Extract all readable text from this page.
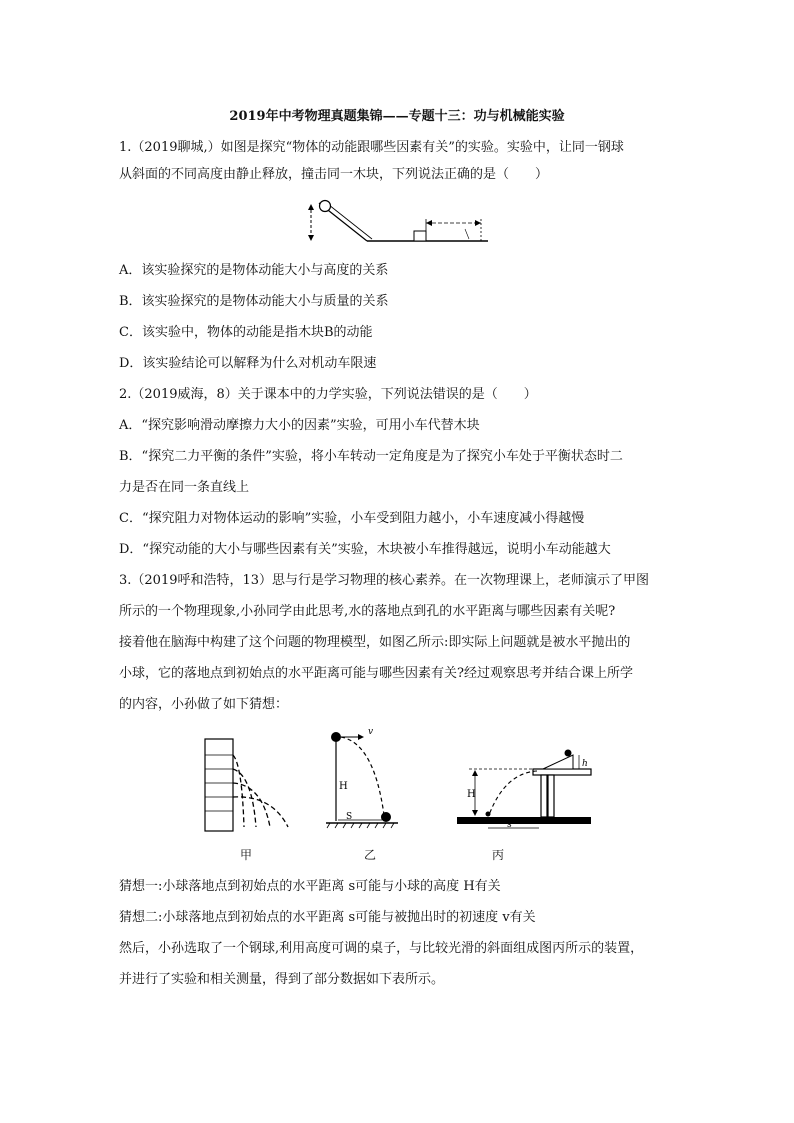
2019年中考物理真题集锦——专题十三：功与机械能实验
1.（2019聊城,）如图是探究“物体的动能跟哪些因素有关”的实验。实验中，让同一钢球
从斜面的不同高度由静止释放，撞击同一木块，下列说法正确的是（　　）
A．该实验探究的是物体动能大小与高度的关系
B．该实验探究的是物体动能大小与质量的关系
C．该实验中，物体的动能是指木块B的动能
D．该实验结论可以解释为什么对机动车限速
2.（2019威海，8）关于课本中的力学实验，下列说法错误的是（　　）
A．“探究影响滑动摩擦力大小的因素”实验，可用小车代替木块
B．“探究二力平衡的条件”实验，将小车转动一定角度是为了探究小车处于平衡状态时二
力是否在同一条直线上
C．“探究阻力对物体运动的影响”实验，小车受到阻力越小，小车速度减小得越慢
D．“探究动能的大小与哪些因素有关”实验，木块被小车推得越远，说明小车动能越大
3.（2019呼和浩特，13）思与行是学习物理的核心素养。在一次物理课上，老师演示了甲图
所示的一个物理现象,小孙同学由此思考,水的落地点到孔的水平距离与哪些因素有关呢?
接着他在脑海中构建了这个问题的物理模型，如图乙所示:即实际上问题就是被水平抛出的
小球，它的落地点到初始点的水平距离可能与哪些因素有关?经过观察思考并结合课上所学
的内容，小孙做了如下猜想：
甲
v
H
S
乙
h
H
s
丙
猜想一:小球落地点到初始点的水平距离 s可能与小球的高度 H有关
猜想二:小球落地点到初始点的水平距离 s可能与被抛出时的初速度 v有关
然后，小孙选取了一个钢球,利用高度可调的桌子，与比较光滑的斜面组成图丙所示的装置，
并进行了实验和相关测量，得到了部分数据如下表所示。
